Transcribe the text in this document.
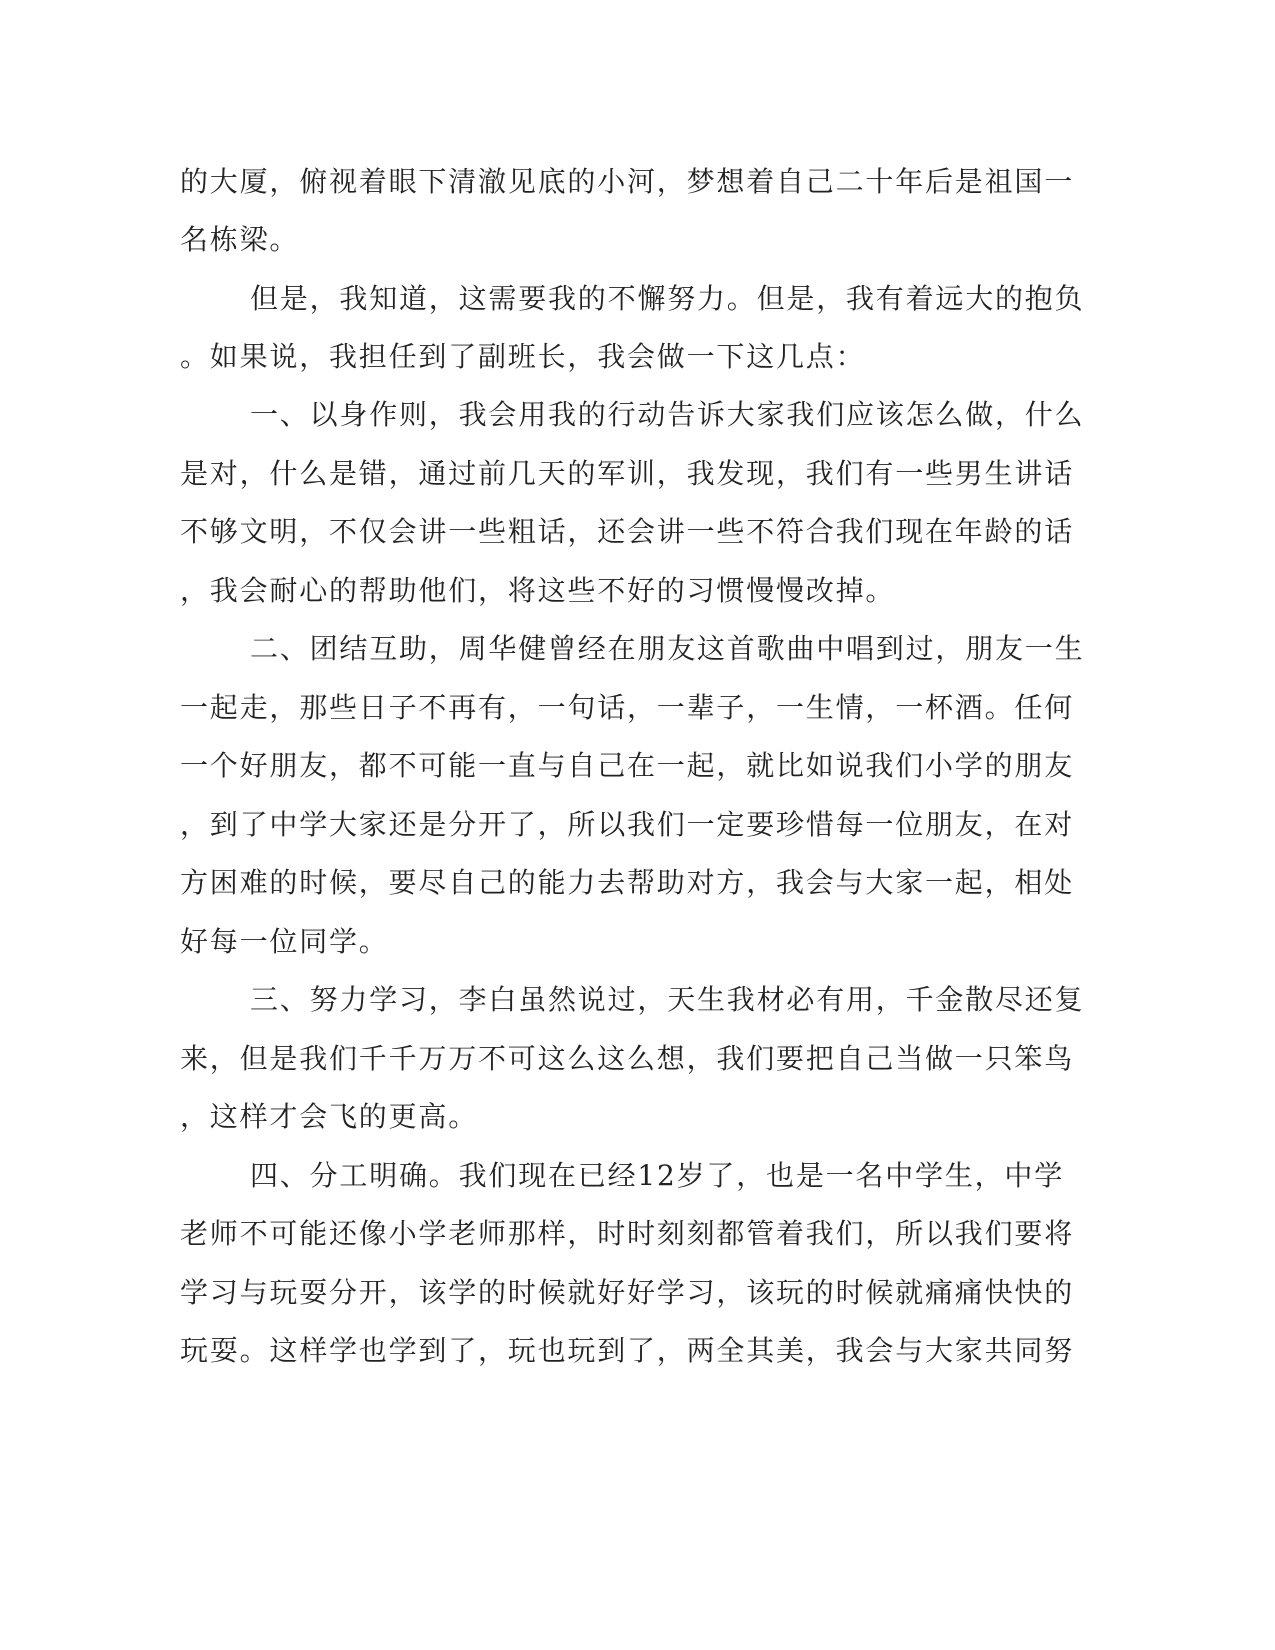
的大厦，俯视着眼下清澈见底的小河，梦想着自己二十年后是祖国一
名栋梁。
但是，我知道，这需要我的不懈努力。但是，我有着远大的抱负
。如果说，我担任到了副班长，我会做一下这几点：
一、以身作则，我会用我的行动告诉大家我们应该怎么做，什么
是对，什么是错，通过前几天的军训，我发现，我们有一些男生讲话
不够文明，不仅会讲一些粗话，还会讲一些不符合我们现在年龄的话
，我会耐心的帮助他们，将这些不好的习惯慢慢改掉。
二、团结互助，周华健曾经在朋友这首歌曲中唱到过，朋友一生
一起走，那些日子不再有，一句话，一辈子，一生情，一杯酒。任何
一个好朋友，都不可能一直与自己在一起，就比如说我们小学的朋友
，到了中学大家还是分开了，所以我们一定要珍惜每一位朋友，在对
方困难的时候，要尽自己的能力去帮助对方，我会与大家一起，相处
好每一位同学。
三、努力学习，李白虽然说过，天生我材必有用，千金散尽还复
来，但是我们千千万万不可这么这么想，我们要把自己当做一只笨鸟
，这样才会飞的更高。
四、分工明确。我们现在已经12岁了，也是一名中学生，中学
老师不可能还像小学老师那样，时时刻刻都管着我们，所以我们要将
学习与玩耍分开，该学的时候就好好学习，该玩的时候就痛痛快快的
玩耍。这样学也学到了，玩也玩到了，两全其美，我会与大家共同努
